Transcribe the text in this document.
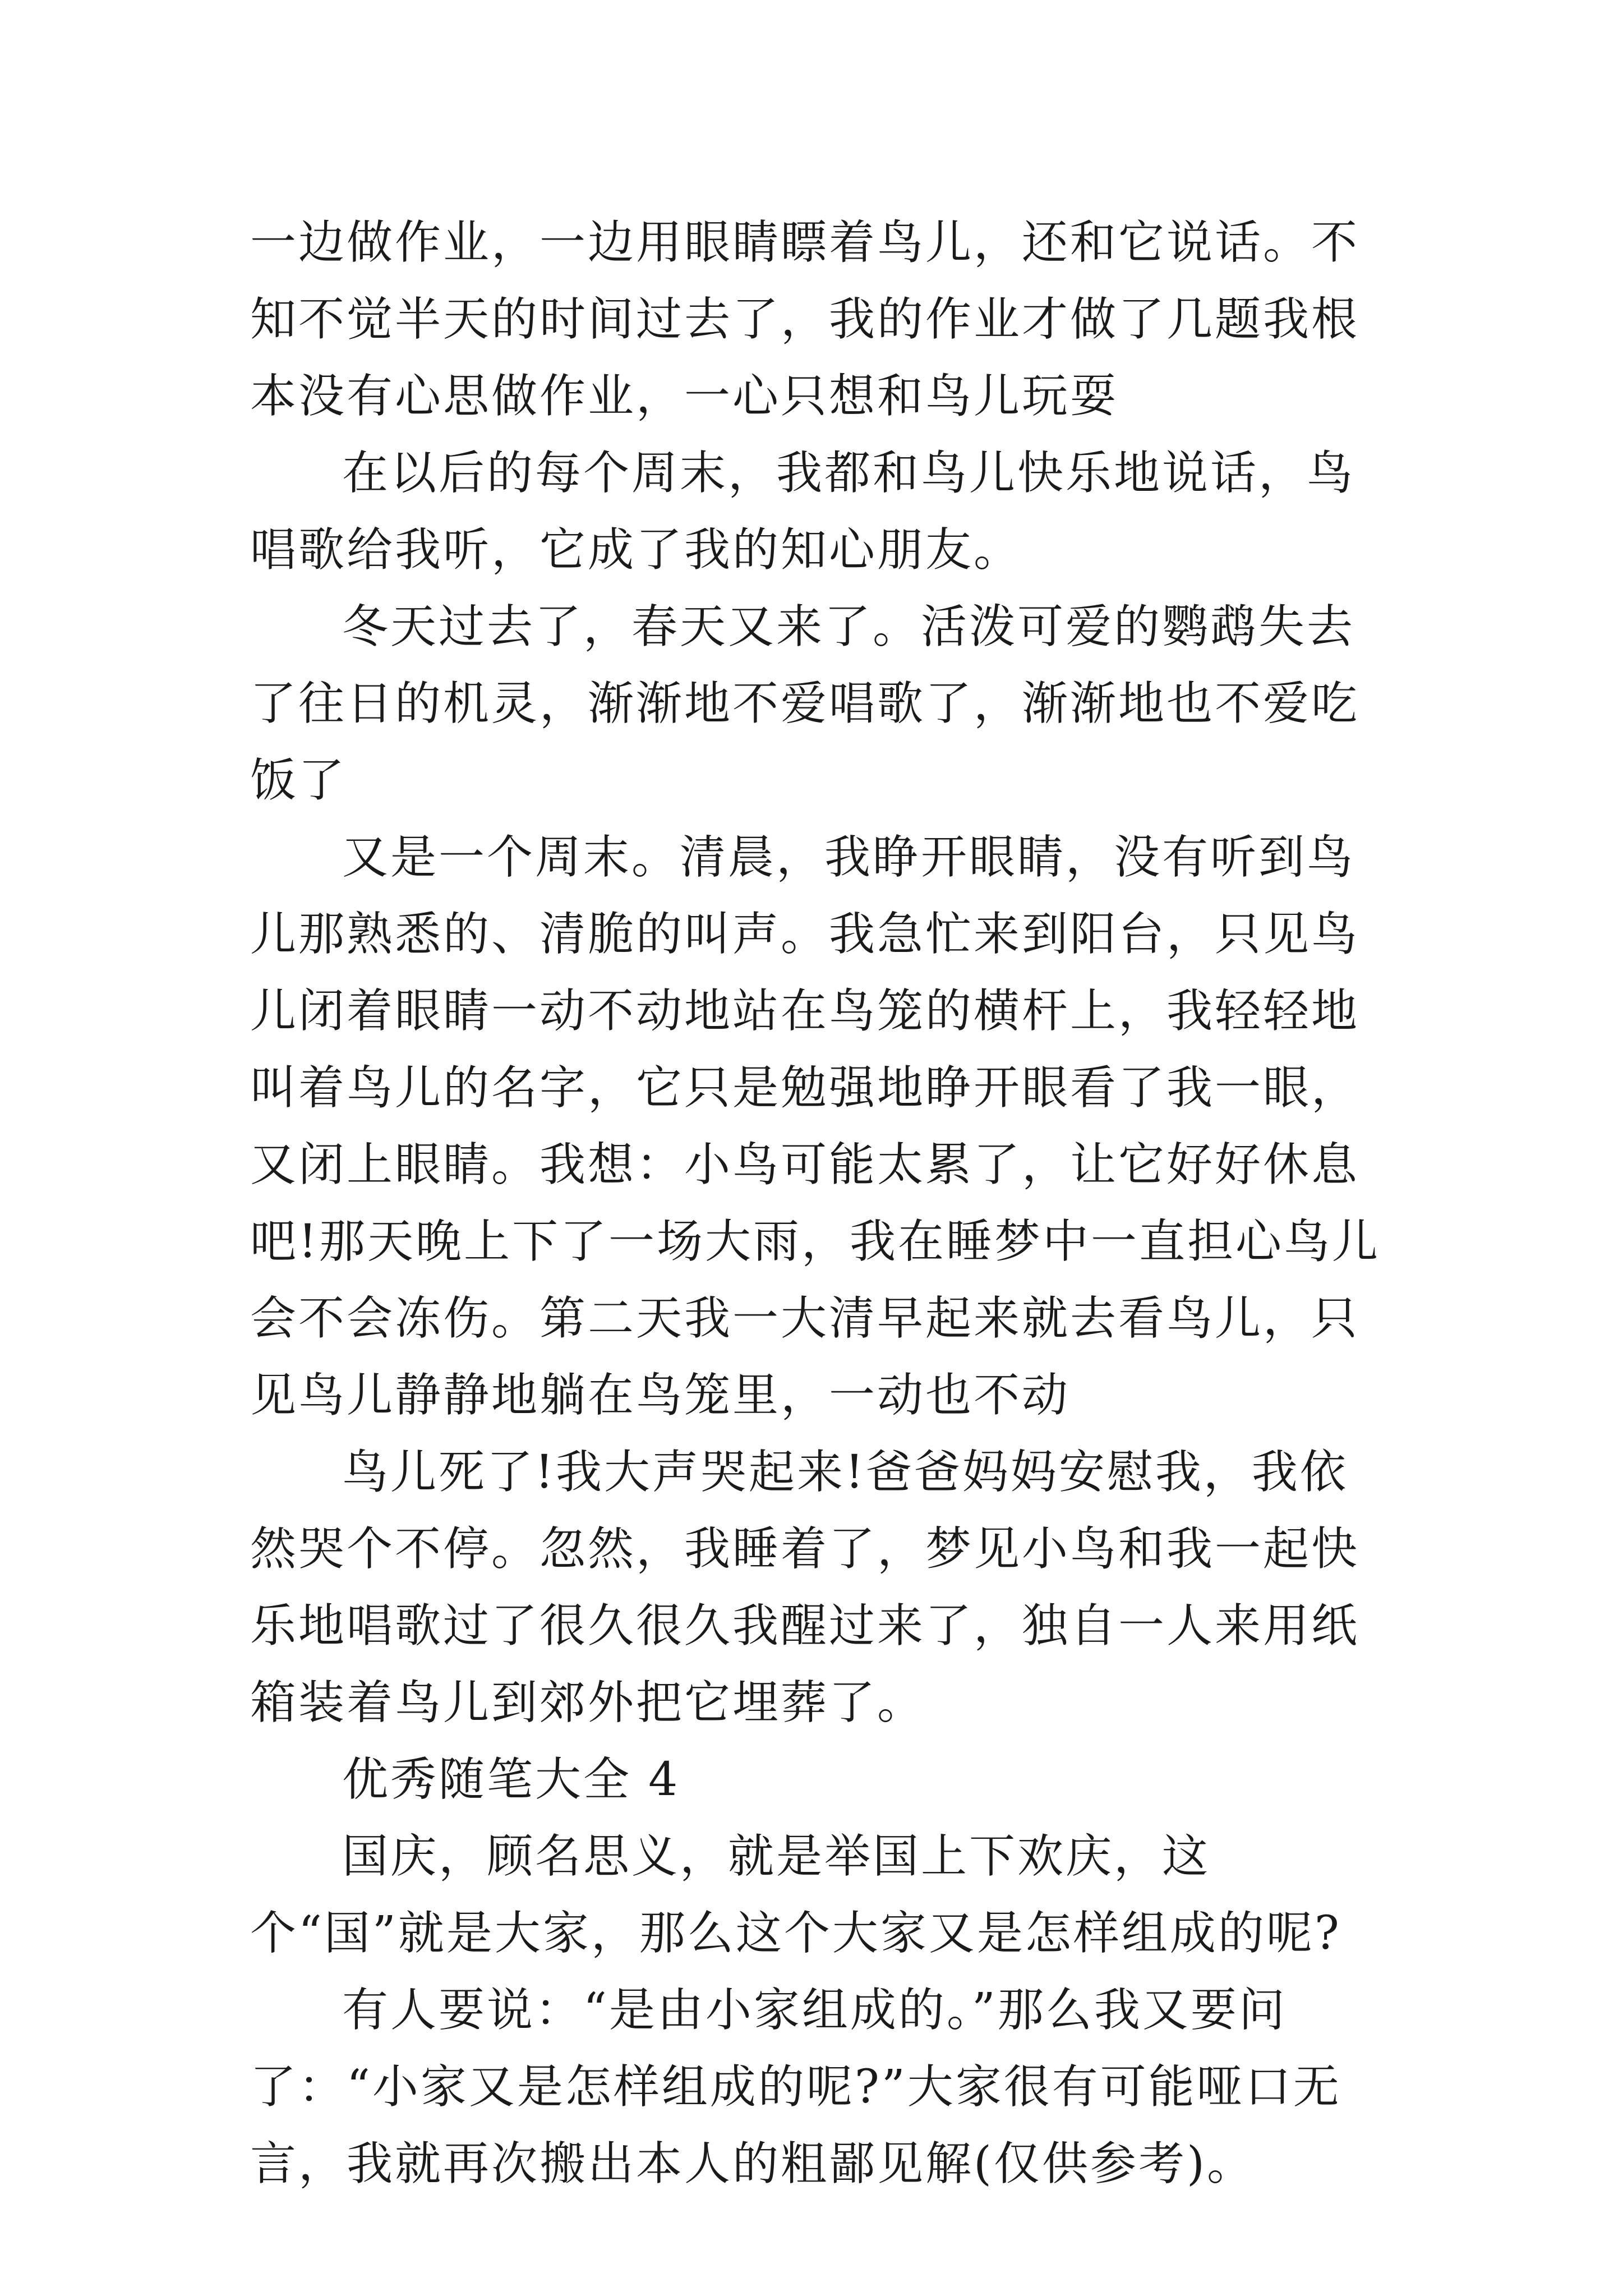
一边做作业，一边用眼睛瞟着鸟儿，还和它说话。不知不觉半天的时间过去了，我的作业才做了几题我根本没有心思做作业，一心只想和鸟儿玩耍

在以后的每个周末，我都和鸟儿快乐地说话，鸟唱歌给我听，它成了我的知心朋友。

冬天过去了，春天又来了。活泼可爱的鹦鹉失去了往日的机灵，渐渐地不爱唱歌了，渐渐地也不爱吃饭了

又是一个周末。清晨，我睁开眼睛，没有听到鸟儿那熟悉的、清脆的叫声。我急忙来到阳台，只见鸟儿闭着眼睛一动不动地站在鸟笼的横杆上，我轻轻地叫着鸟儿的名字，它只是勉强地睁开眼看了我一眼，又闭上眼睛。我想：小鸟可能太累了，让它好好休息吧!那天晚上下了一场大雨，我在睡梦中一直担心鸟儿会不会冻伤。第二天我一大清早起来就去看鸟儿，只见鸟儿静静地躺在鸟笼里，一动也不动

鸟儿死了!我大声哭起来!爸爸妈妈安慰我，我依然哭个不停。忽然，我睡着了，梦见小鸟和我一起快乐地唱歌过了很久很久我醒过来了，独自一人来用纸箱装着鸟儿到郊外把它埋葬了。

优秀随笔大全 4

国庆，顾名思义，就是举国上下欢庆，这个“国”就是大家，那么这个大家又是怎样组成的呢?

有人要说：“是由小家组成的。”那么我又要问了：“小家又是怎样组成的呢?”大家很有可能哑口无言，我就再次搬出本人的粗鄙见解(仅供参考)。
